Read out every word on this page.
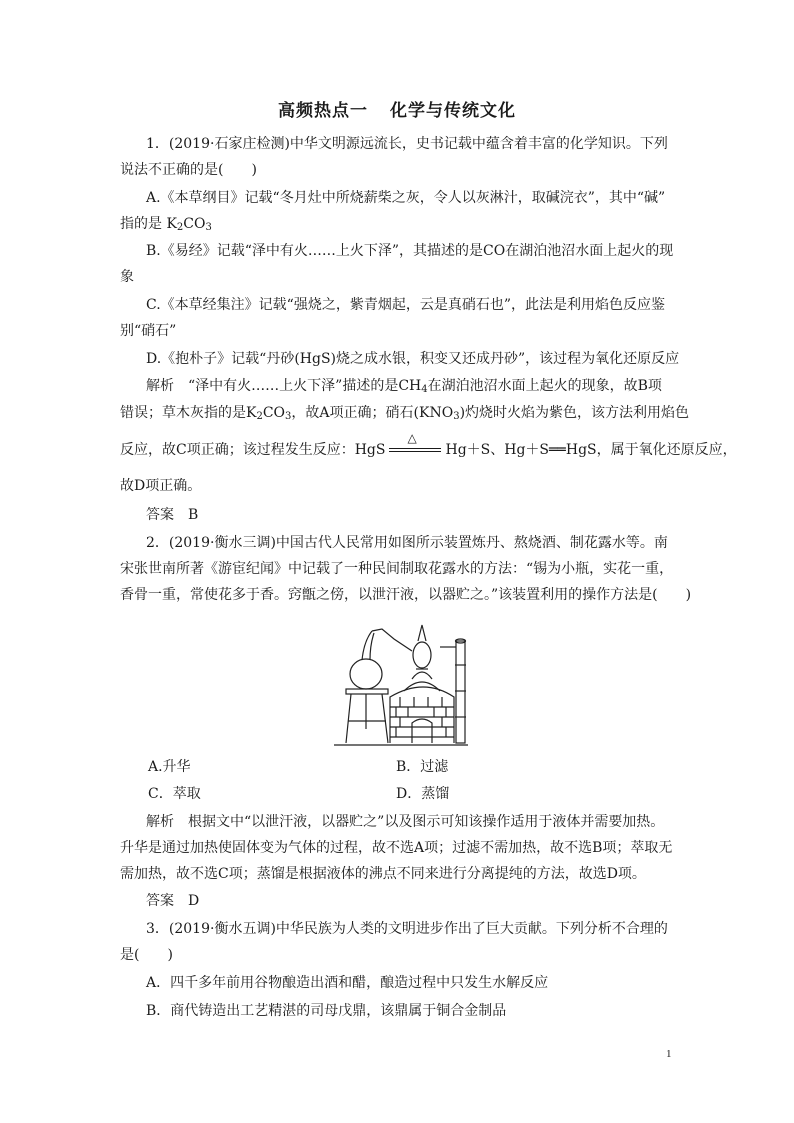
高频热点一 化学与传统文化
1．(2019·石家庄检测)中华文明源远流长，史书记载中蕴含着丰富的化学知识。下列
说法不正确的是(　　)
A.《本草纲目》记载“冬月灶中所烧薪柴之灰，令人以灰淋汁，取碱浣衣”，其中“碱”
指的是 $K_2CO_3$
B.《易经》记载“泽中有火……上火下泽”，其描述的是CO在湖泊池沼水面上起火的现
象
C.《本草经集注》记载“强烧之，紫青烟起，云是真硝石也”，此法是利用焰色反应鉴
别“硝石”
D.《抱朴子》记载“丹砂(HgS)烧之成水银，积变又还成丹砂”，该过程为氧化还原反应
解析　“泽中有火……上火下泽”描述的是$CH_4$在湖泊池沼水面上起火的现象，故B项
错误；草木灰指的是$K_2CO_3$，故A项正确；硝石$(KNO_3)$灼烧时火焰为紫色，该方法利用焰色
反应，故C项正确；该过程发生反应：HgS
△
Hg＋S、Hg＋S══HgS，属于氧化还原反应，
故D项正确。
答案　B
2．(2019·衡水三调)中国古代人民常用如图所示装置炼丹、熬烧酒、制花露水等。南
宋张世南所著《游宦纪闻》中记载了一种民间制取花露水的方法：“锡为小瓶，实花一重，
香骨一重，常使花多于香。窍甑之傍，以泄汗液，以器贮之。”该装置利用的操作方法是(　　)
A.升华	B．过滤
C．萃取	D．蒸馏
解析　根据文中“以泄汗液，以器贮之”以及图示可知该操作适用于液体并需要加热。
升华是通过加热使固体变为气体的过程，故不选A项；过滤不需加热，故不选B项；萃取无
需加热，故不选C项；蒸馏是根据液体的沸点不同来进行分离提纯的方法，故选D项。
答案　D
3．(2019·衡水五调)中华民族为人类的文明进步作出了巨大贡献。下列分析不合理的
是(　　)
A．四千多年前用谷物酿造出酒和醋，酿造过程中只发生水解反应
B．商代铸造出工艺精湛的司母戊鼎，该鼎属于铜合金制品
1
